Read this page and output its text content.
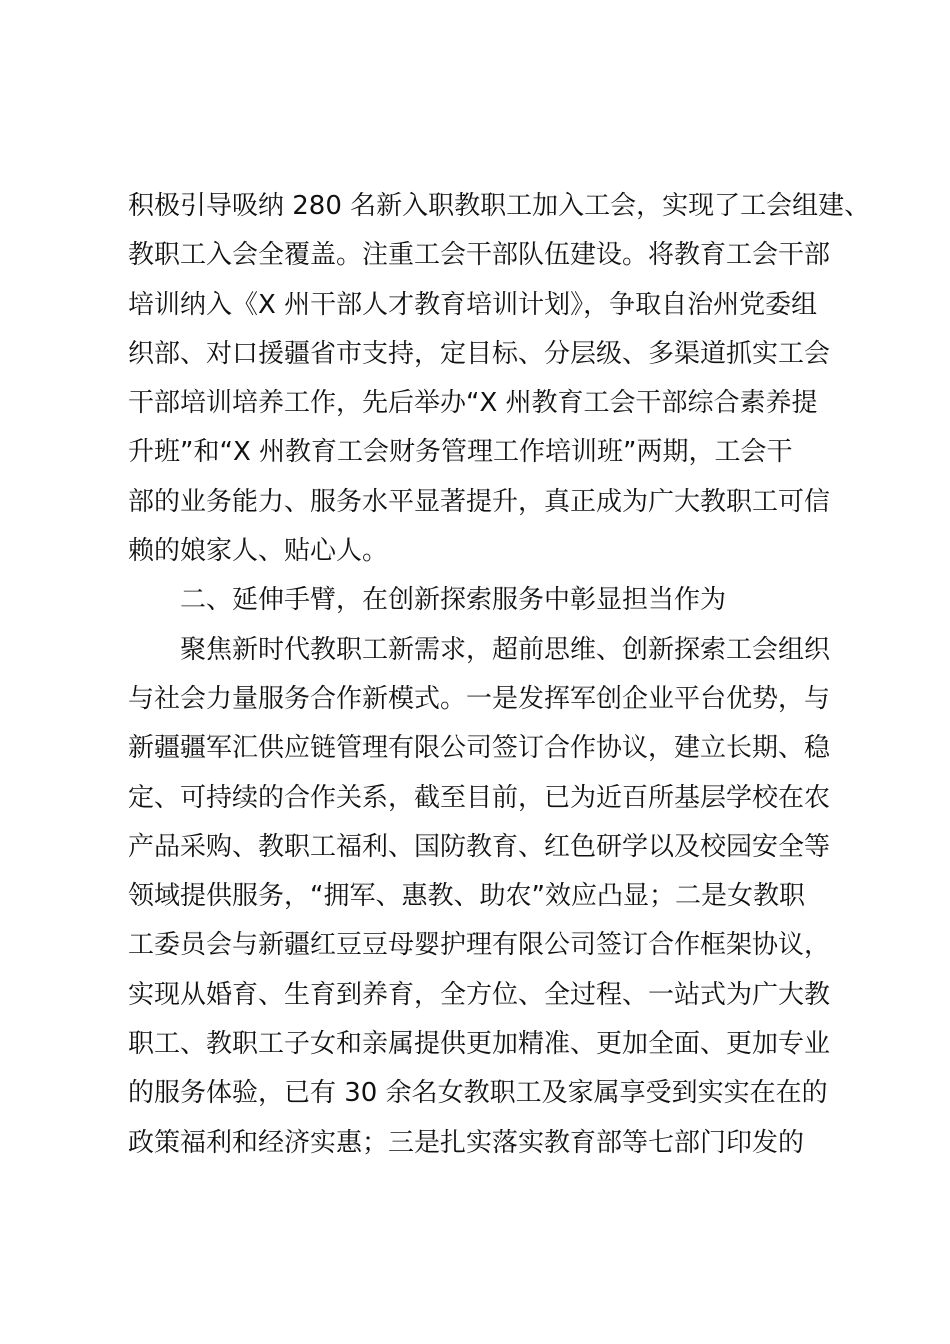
积极引导吸纳 280 名新入职教职工加入工会，实现了工会组建、
教职工入会全覆盖。注重工会干部队伍建设。将教育工会干部
培训纳入《X 州干部人才教育培训计划》，争取自治州党委组
织部、对口援疆省市支持，定目标、分层级、多渠道抓实工会
干部培训培养工作，先后举办“X 州教育工会干部综合素养提
升班”和“X 州教育工会财务管理工作培训班”两期，工会干
部的业务能力、服务水平显著提升，真正成为广大教职工可信
赖的娘家人、贴心人。
二、延伸手臂，在创新探索服务中彰显担当作为
聚焦新时代教职工新需求，超前思维、创新探索工会组织
与社会力量服务合作新模式。一是发挥军创企业平台优势，与
新疆疆军汇供应链管理有限公司签订合作协议，建立长期、稳
定、可持续的合作关系，截至目前，已为近百所基层学校在农
产品采购、教职工福利、国防教育、红色研学以及校园安全等
领域提供服务，“拥军、惠教、助农”效应凸显；二是女教职
工委员会与新疆红豆豆母婴护理有限公司签订合作框架协议，
实现从婚育、生育到养育，全方位、全过程、一站式为广大教
职工、教职工子女和亲属提供更加精准、更加全面、更加专业
的服务体验，已有 30 余名女教职工及家属享受到实实在在的
政策福利和经济实惠；三是扎实落实教育部等七部门印发的
